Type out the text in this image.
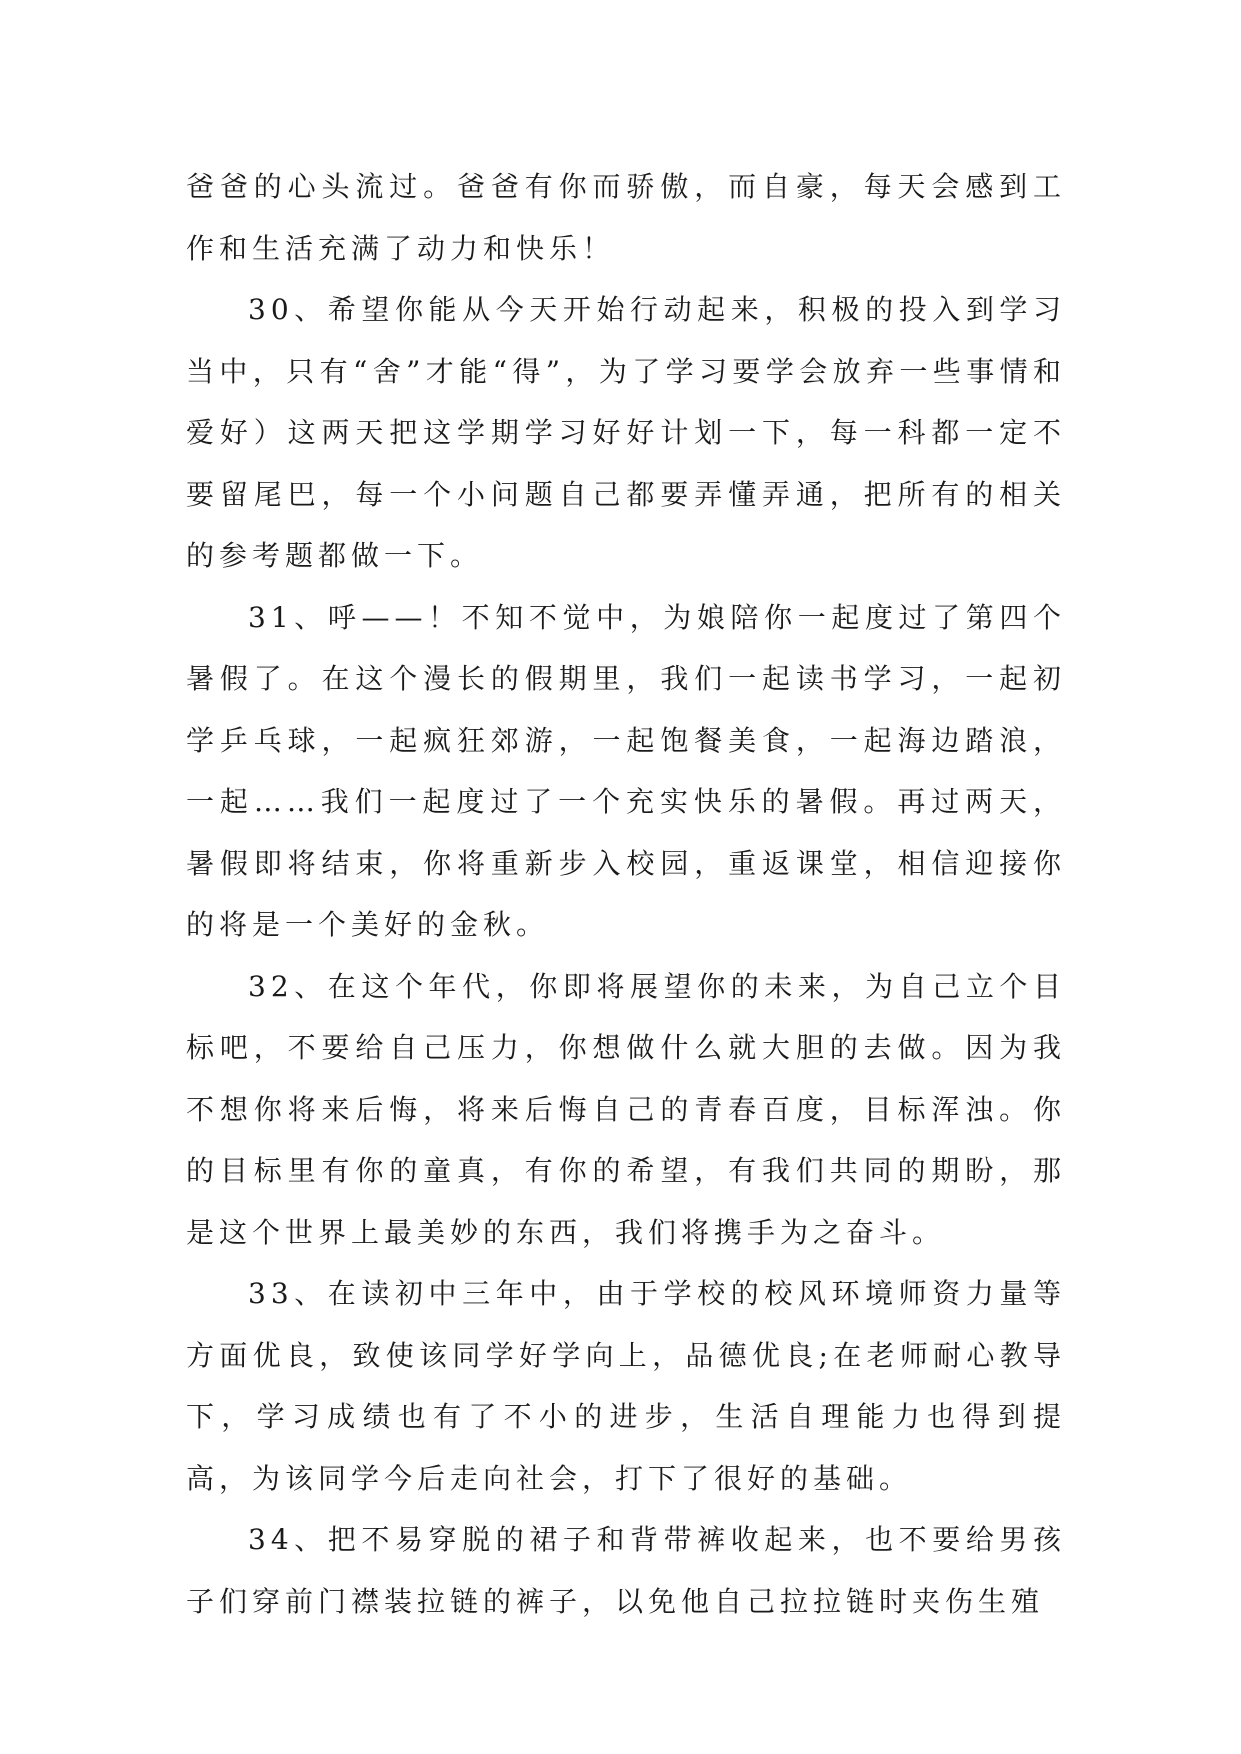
爸爸的心头流过。爸爸有你而骄傲，而自豪，每天会感到工作和生活充满了动力和快乐！

30、希望你能从今天开始行动起来，积极的投入到学习当中，只有“舍”才能“得”，为了学习要学会放弃一些事情和爱好）这两天把这学期学习好好计划一下，每一科都一定不要留尾巴，每一个小问题自己都要弄懂弄通，把所有的相关的参考题都做一下。

31、呼——！不知不觉中，为娘陪你一起度过了第四个暑假了。在这个漫长的假期里，我们一起读书学习，一起初学乒乓球，一起疯狂郊游，一起饱餐美食，一起海边踏浪，一起……我们一起度过了一个充实快乐的暑假。再过两天，暑假即将结束，你将重新步入校园，重返课堂，相信迎接你的将是一个美好的金秋。

32、在这个年代，你即将展望你的未来，为自己立个目标吧，不要给自己压力，你想做什么就大胆的去做。因为我不想你将来后悔，将来后悔自己的青春百度，目标浑浊。你的目标里有你的童真，有你的希望，有我们共同的期盼，那是这个世界上最美妙的东西，我们将携手为之奋斗。

33、在读初中三年中，由于学校的校风环境师资力量等方面优良，致使该同学好学向上，品德优良;在老师耐心教导下，学习成绩也有了不小的进步，生活自理能力也得到提高，为该同学今后走向社会，打下了很好的基础。

34、把不易穿脱的裙子和背带裤收起来，也不要给男孩子们穿前门襟装拉链的裤子，以免他自己拉拉链时夹伤生殖
